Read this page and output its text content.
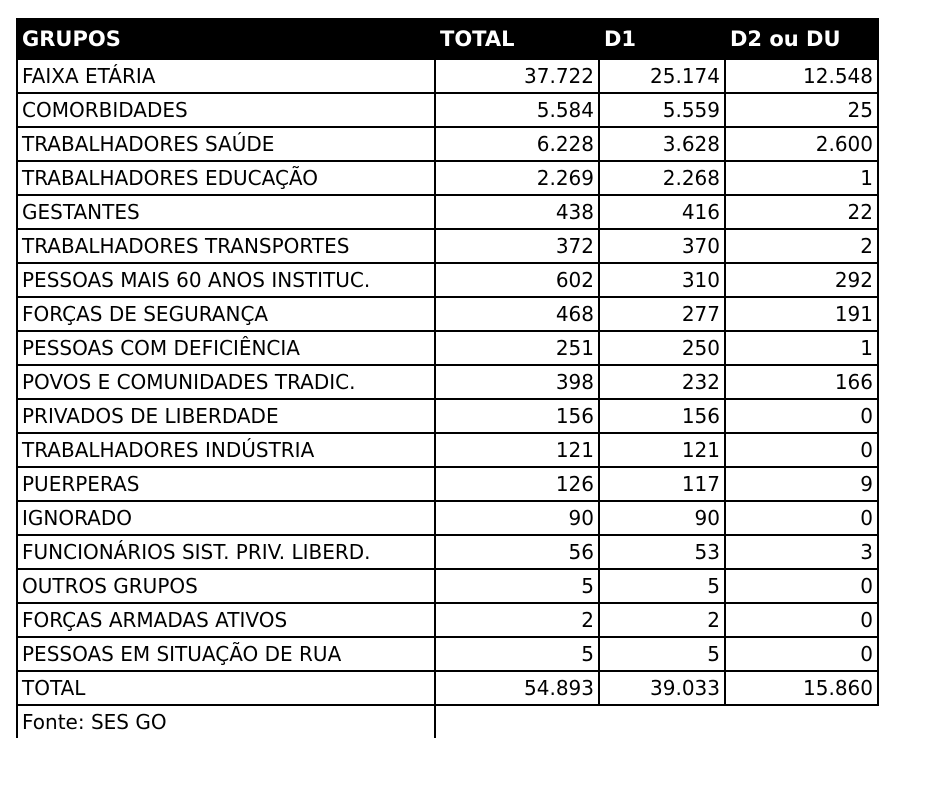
GRUPOS	TOTAL	D1	D2 ou DU
FAIXA ETÁRIA	37.722	25.174	12.548
COMORBIDADES	5.584	5.559	25
TRABALHADORES SAÚDE	6.228	3.628	2.600
TRABALHADORES EDUCAÇÃO	2.269	2.268	1
GESTANTES	438	416	22
TRABALHADORES TRANSPORTES	372	370	2
PESSOAS MAIS 60 ANOS INSTITUC.	602	310	292
FORÇAS DE SEGURANÇA	468	277	191
PESSOAS COM DEFICIÊNCIA	251	250	1
POVOS E COMUNIDADES TRADIC.	398	232	166
PRIVADOS DE LIBERDADE	156	156	0
TRABALHADORES INDÚSTRIA	121	121	0
PUERPERAS	126	117	9
IGNORADO	90	90	0
FUNCIONÁRIOS SIST. PRIV. LIBERD.	56	53	3
OUTROS GRUPOS	5	5	0
FORÇAS ARMADAS ATIVOS	2	2	0
PESSOAS EM SITUAÇÃO DE RUA	5	5	0
TOTAL	54.893	39.033	15.860
Fonte: SES GO			
